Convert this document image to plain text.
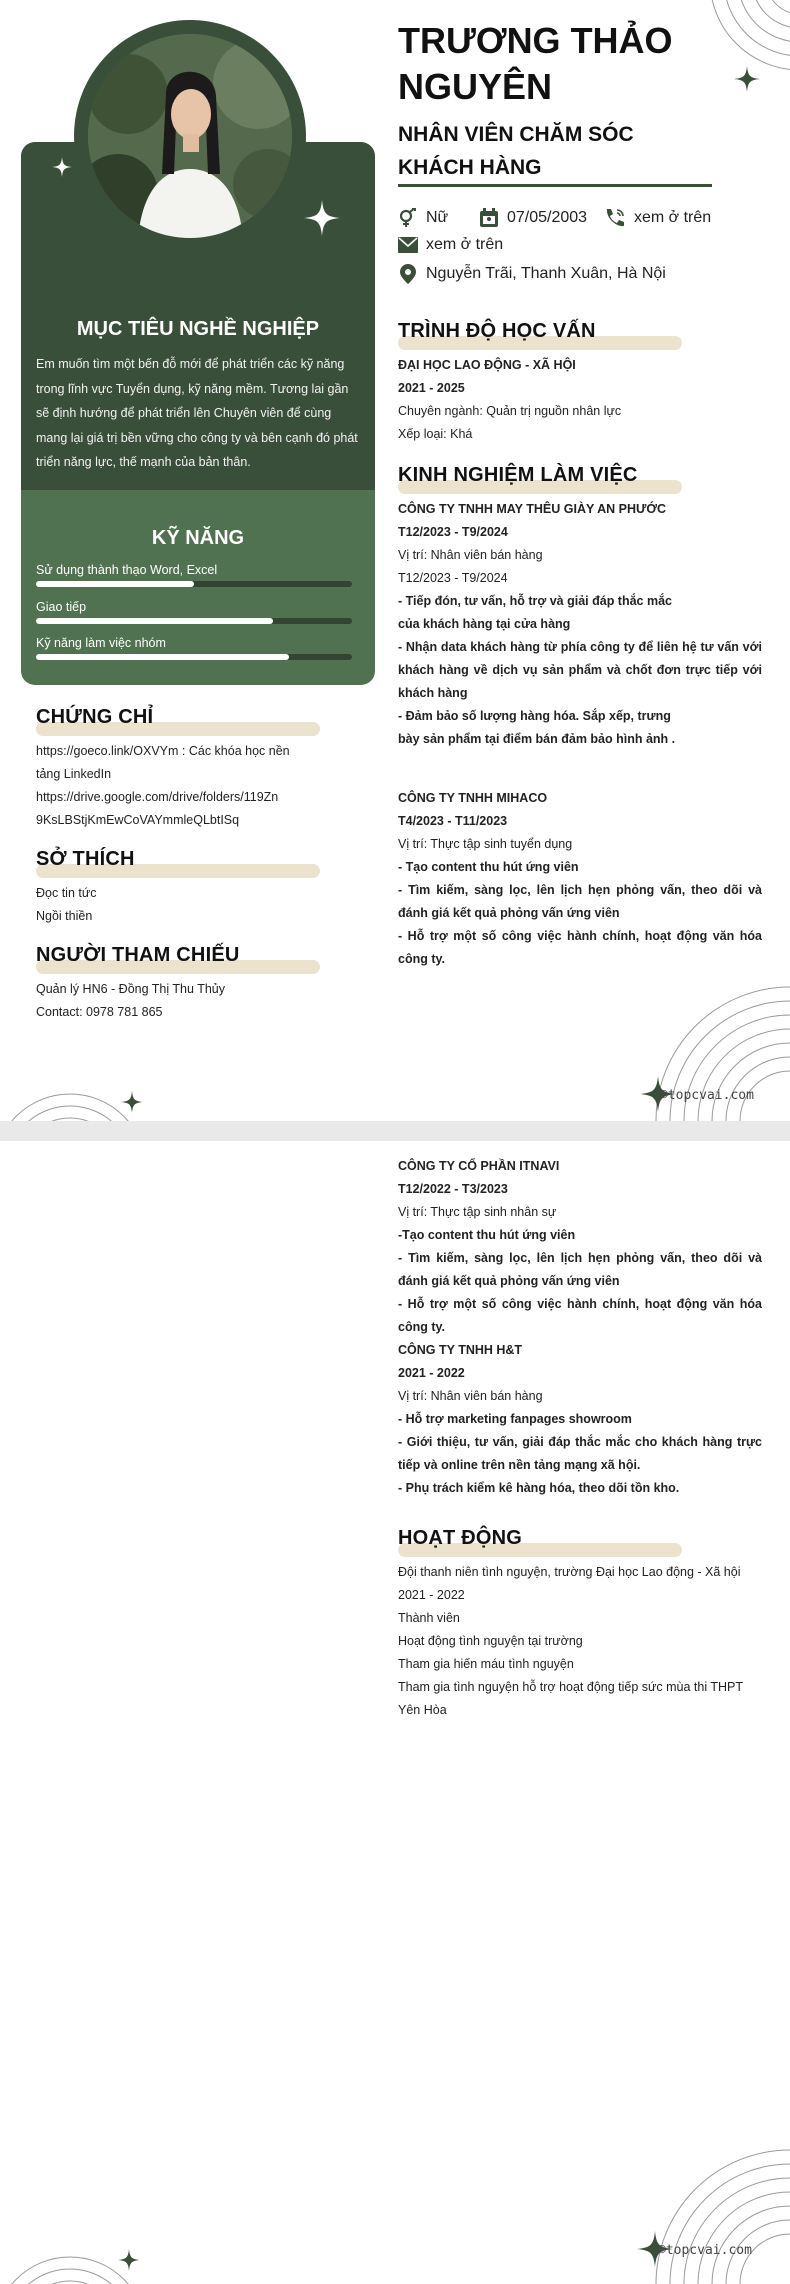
MỤC TIÊU NGHỀ NGHIỆP
Em muốn tìm một bến đỗ mới để phát triển các kỹ năng trong lĩnh vực Tuyển dụng, kỹ năng mềm. Tương lai gần sẽ định hướng để phát triển lên Chuyên viên để cùng mang lại giá trị bền vững cho công ty và bên cạnh đó phát triển năng lực, thế mạnh của bản thân.
KỸ NĂNG
Sử dụng thành thạo Word, Excel
Giao tiếp
Kỹ năng làm việc nhóm
CHỨNG CHỈ
https://goeco.link/OXVYm : Các khóa học nền
tảng LinkedIn
https://drive.google.com/drive/folders/119Zn
9KsLBStjKmEwCoVAYmmleQLbtISq
SỞ THÍCH
Đọc tin tức
Ngồi thiền
NGƯỜI THAM CHIẾU
Quản lý HN6 - Đồng Thị Thu Thủy
Contact: 0978 781 865
TRƯƠNG THẢO
NGUYÊN
NHÂN VIÊN CHĂM SÓC
KHÁCH HÀNG
Nữ	07/05/2003	xem ở trên
xem ở trên
Nguyễn Trãi, Thanh Xuân, Hà Nội
TRÌNH ĐỘ HỌC VẤN
ĐẠI HỌC LAO ĐỘNG - XÃ HỘI
2021 - 2025
Chuyên ngành: Quản trị nguồn nhân lực
Xếp loại: Khá
KINH NGHIỆM LÀM VIỆC
CÔNG TY TNHH MAY THÊU GIÀY AN PHƯỚC
T12/2023 - T9/2024
Vị trí: Nhân viên bán hàng
T12/2023 - T9/2024
- Tiếp đón, tư vấn, hỗ trợ và giải đáp thắc mắc
của khách hàng tại cửa hàng
- Nhận data khách hàng từ phía công ty để liên hệ tư vấn với khách hàng về dịch vụ sản phẩm và chốt đơn trực tiếp với khách hàng
- Đảm bảo số lượng hàng hóa. Sắp xếp, trưng
bày sản phẩm tại điểm bán đảm bảo hình ảnh .
CÔNG TY TNHH MIHACO
T4/2023 - T11/2023
Vị trí: Thực tập sinh tuyển dụng
- Tạo content thu hút ứng viên
- Tìm kiếm, sàng lọc, lên lịch hẹn phỏng vấn, theo dõi và đánh giá kết quả phỏng vấn ứng viên
- Hỗ trợ một số công việc hành chính, hoạt động văn hóa công ty.
©topcvai.com
CÔNG TY CỔ PHẦN ITNAVI
T12/2022 - T3/2023
Vị trí: Thực tập sinh nhân sự
-Tạo content thu hút ứng viên
- Tìm kiếm, sàng lọc, lên lịch hẹn phỏng vấn, theo dõi và đánh giá kết quả phỏng vấn ứng viên
- Hỗ trợ một số công việc hành chính, hoạt động văn hóa công ty.
CÔNG TY TNHH H&T
2021 - 2022
Vị trí: Nhân viên bán hàng
- Hỗ trợ marketing fanpages showroom
- Giới thiệu, tư vấn, giải đáp thắc mắc cho khách hàng trực tiếp và online trên nền tảng mạng xã hội.
- Phụ trách kiểm kê hàng hóa, theo dõi tồn kho.
HOẠT ĐỘNG
Đội thanh niên tình nguyện, trường Đại học Lao động - Xã hội
2021 - 2022
Thành viên
Hoạt động tình nguyện tại trường
Tham gia hiến máu tình nguyện
Tham gia tình nguyện hỗ trợ hoạt động tiếp sức mùa thi THPT Yên Hòa
©topcvai.com
